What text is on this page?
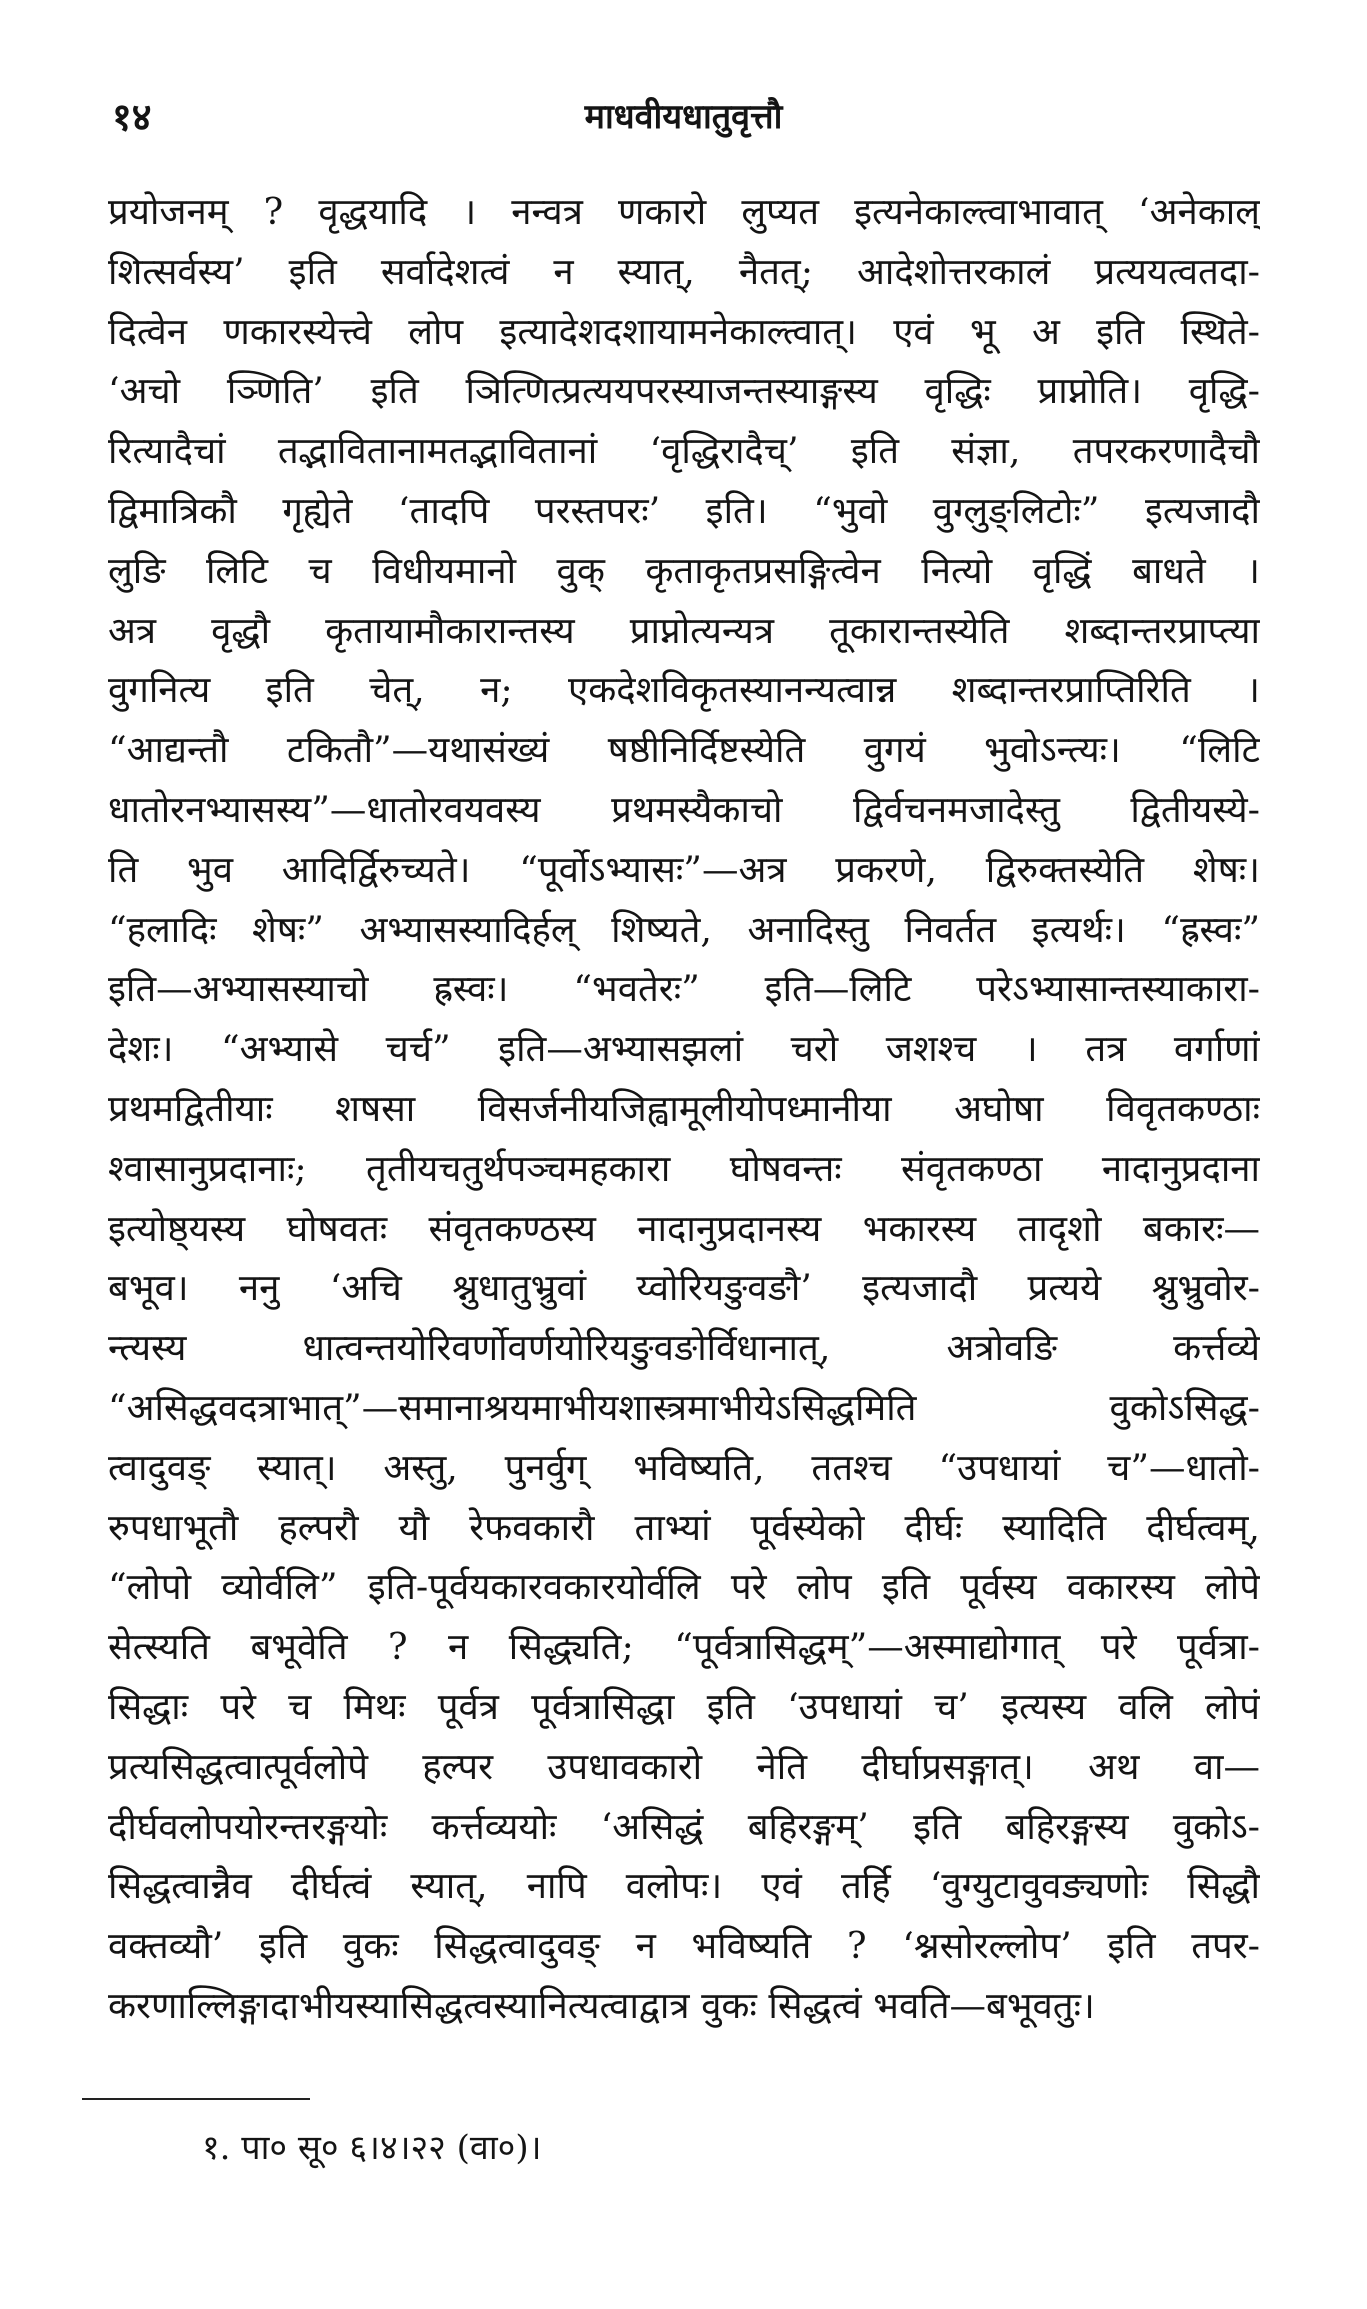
१४	माधवीयधातुवृत्तौ
प्रयोजनम् ? वृद्धयादि । नन्वत्र णकारो लुप्यत इत्यनेकाल्त्वाभावात् ‘अनेकाल्
शित्सर्वस्य’ इति सर्वादेशत्वं न स्यात्, नैतत्; आदेशोत्तरकालं प्रत्ययत्वतदा-
दित्वेन णकारस्येत्त्वे लोप इत्यादेशदशायामनेकाल्त्वात्। एवं भू अ इति स्थिते-
‘अचो ञ्णिति’ इति ञित्णित्प्रत्ययपरस्याजन्तस्याङ्गस्य वृद्धिः प्राप्नोति। वृद्धि-
रित्यादैचां तद्भावितानामतद्भावितानां ‘वृद्धिरादैच्’ इति संज्ञा, तपरकरणादैचौ
द्विमात्रिकौ गृह्येते ‘तादपि परस्तपरः’ इति। “भुवो वुग्लुङ्लिटोः” इत्यजादौ
लुङि लिटि च विधीयमानो वुक् कृताकृतप्रसङ्गित्वेन नित्यो वृद्धिं बाधते ।
अत्र वृद्धौ कृतायामौकारान्तस्य प्राप्नोत्यन्यत्र तूकारान्तस्येति शब्दान्तरप्राप्त्या
वुगनित्य इति चेत्, न; एकदेशविकृतस्यानन्यत्वान्न शब्दान्तरप्राप्तिरिति ।
“आद्यन्तौ टकितौ”—यथासंख्यं षष्ठीनिर्दिष्टस्येति वुगयं भुवोऽन्त्यः। “लिटि
धातोरनभ्यासस्य”—धातोरवयवस्य प्रथमस्यैकाचो द्विर्वचनमजादेस्तु द्वितीयस्ये-
ति भुव आदिर्द्विरुच्यते। “पूर्वोऽभ्यासः”—अत्र प्रकरणे, द्विरुक्तस्येति शेषः।
“हलादिः शेषः” अभ्यासस्यादिर्हल् शिष्यते, अनादिस्तु निवर्तत इत्यर्थः। “ह्रस्वः”
इति—अभ्यासस्याचो ह्रस्वः। “भवतेरः” इति—लिटि परेऽभ्यासान्तस्याकारा-
देशः। “अभ्यासे चर्च” इति—अभ्यासझलां चरो जशश्च । तत्र वर्गाणां
प्रथमद्वितीयाः शषसा विसर्जनीयजिह्वामूलीयोपध्मानीया अघोषा विवृतकण्ठाः
श्वासानुप्रदानाः; तृतीयचतुर्थपञ्चमहकारा घोषवन्तः संवृतकण्ठा नादानुप्रदाना
इत्योष्ठ्यस्य घोषवतः संवृतकण्ठस्य नादानुप्रदानस्य भकारस्य तादृशो बकारः—
बभूव। ननु ‘अचि श्नुधातुभ्रुवां य्वोरियङुवङौ’ इत्यजादौ प्रत्यये श्नुभ्रुवोर-
न्त्यस्य धात्वन्तयोरिवर्णोवर्णयोरियङुवङोर्विधानात्, अत्रोवङि कर्त्तव्ये
“असिद्धवदत्राभात्”—समानाश्रयमाभीयशास्त्रमाभीयेऽसिद्धमिति वुकोऽसिद्ध-
त्वादुवङ् स्यात्। अस्तु, पुनर्वुग् भविष्यति, ततश्च “उपधायां च”—धातो-
रुपधाभूतौ हल्परौ यौ रेफवकारौ ताभ्यां पूर्वस्येको दीर्घः स्यादिति दीर्घत्वम्,
“लोपो व्योर्वलि” इति-पूर्वयकारवकारयोर्वलि परे लोप इति पूर्वस्य वकारस्य लोपे
सेत्स्यति बभूवेति ? न सिद्ध्यति; “पूर्वत्रासिद्धम्”—अस्माद्योगात् परे पूर्वत्रा-
सिद्धाः परे च मिथः पूर्वत्र पूर्वत्रासिद्धा इति ‘उपधायां च’ इत्यस्य वलि लोपं
प्रत्यसिद्धत्वात्पूर्वलोपे हल्पर उपधावकारो नेति दीर्घाप्रसङ्गात्। अथ वा—
दीर्घवलोपयोरन्तरङ्गयोः कर्त्तव्ययोः ‘असिद्धं बहिरङ्गम्’ इति बहिरङ्गस्य वुकोऽ-
सिद्धत्वान्नैव दीर्घत्वं स्यात्, नापि वलोपः। एवं तर्हि ‘वुग्युटावुवङ्यणोः सिद्धौ
वक्तव्यौ’ इति वुकः सिद्धत्वादुवङ् न भविष्यति ? ‘श्नसोरल्लोप’ इति तपर-
करणाल्लिङ्गादाभीयस्यासिद्धत्वस्यानित्यत्वाद्वात्र वुकः सिद्धत्वं भवति—बभूवतुः।
१. पा० सू० ६।४।२२ (वा०)।
